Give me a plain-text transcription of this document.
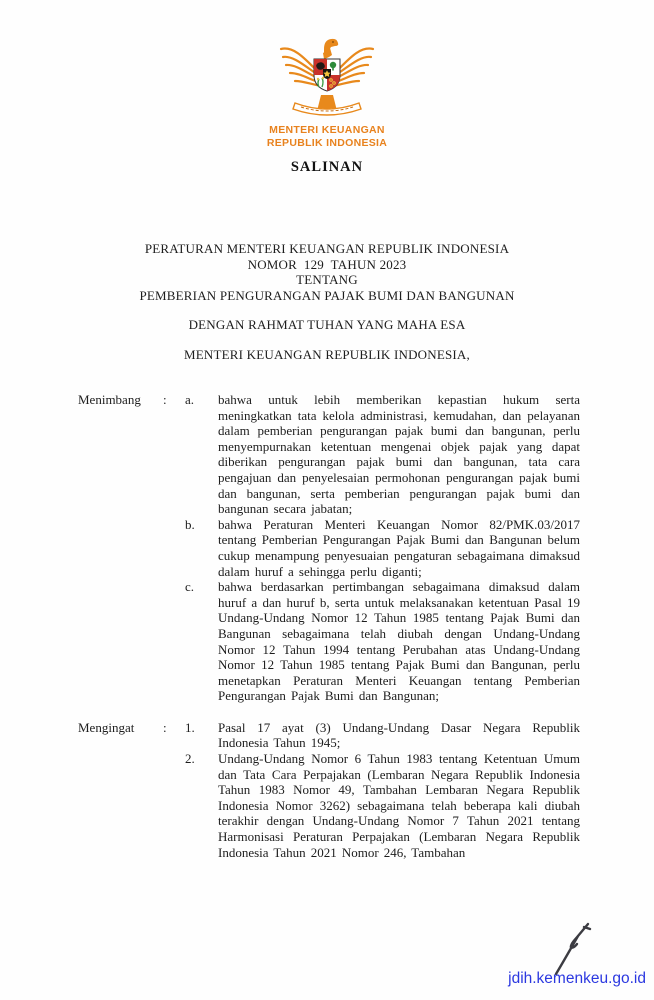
MENTERI KEUANGAN
REPUBLIK INDONESIA
SALINAN
PERATURAN MENTERI KEUANGAN REPUBLIK INDONESIA
NOMOR  129  TAHUN 2023
TENTANG
PEMBERIAN PENGURANGAN PAJAK BUMI DAN BANGUNAN
DENGAN RAHMAT TUHAN YANG MAHA ESA
MENTERI KEUANGAN REPUBLIK INDONESIA,
Menimbang	:	a.	bahwa untuk lebih memberikan kepastian hukum serta meningkatkan tata kelola administrasi, kemudahan, dan pelayanan dalam pemberian pengurangan pajak bumi dan bangunan, perlu menyempurnakan ketentuan mengenai objek pajak yang dapat diberikan pengurangan pajak bumi dan bangunan, tata cara pengajuan dan penyelesaian permohonan pengurangan pajak bumi dan bangunan, serta pemberian pengurangan pajak bumi dan bangunan secara jabatan;
b.	bahwa Peraturan Menteri Keuangan Nomor 82/PMK.03/2017 tentang Pemberian Pengurangan Pajak Bumi dan Bangunan belum cukup menampung penyesuaian pengaturan sebagaimana dimaksud dalam huruf a sehingga perlu diganti;
c.	bahwa berdasarkan pertimbangan sebagaimana dimaksud dalam huruf a dan huruf b, serta untuk melaksanakan ketentuan Pasal 19 Undang-Undang Nomor 12 Tahun 1985 tentang Pajak Bumi dan Bangunan sebagaimana telah diubah dengan Undang-Undang Nomor 12 Tahun 1994 tentang Perubahan atas Undang-Undang Nomor 12 Tahun 1985 tentang Pajak Bumi dan Bangunan, perlu menetapkan Peraturan Menteri Keuangan tentang Pemberian Pengurangan Pajak Bumi dan Bangunan;
Mengingat	:	1.	Pasal 17 ayat (3) Undang-Undang Dasar Negara Republik Indonesia Tahun 1945;
2.	Undang-Undang Nomor 6 Tahun 1983 tentang Ketentuan Umum dan Tata Cara Perpajakan (Lembaran Negara Republik Indonesia Tahun 1983 Nomor 49, Tambahan Lembaran Negara Republik Indonesia Nomor 3262) sebagaimana telah beberapa kali diubah terakhir dengan Undang-Undang Nomor 7 Tahun 2021 tentang Harmonisasi Peraturan Perpajakan (Lembaran Negara Republik Indonesia Tahun 2021 Nomor 246, Tambahan
jdih.kemenkeu.go.id
